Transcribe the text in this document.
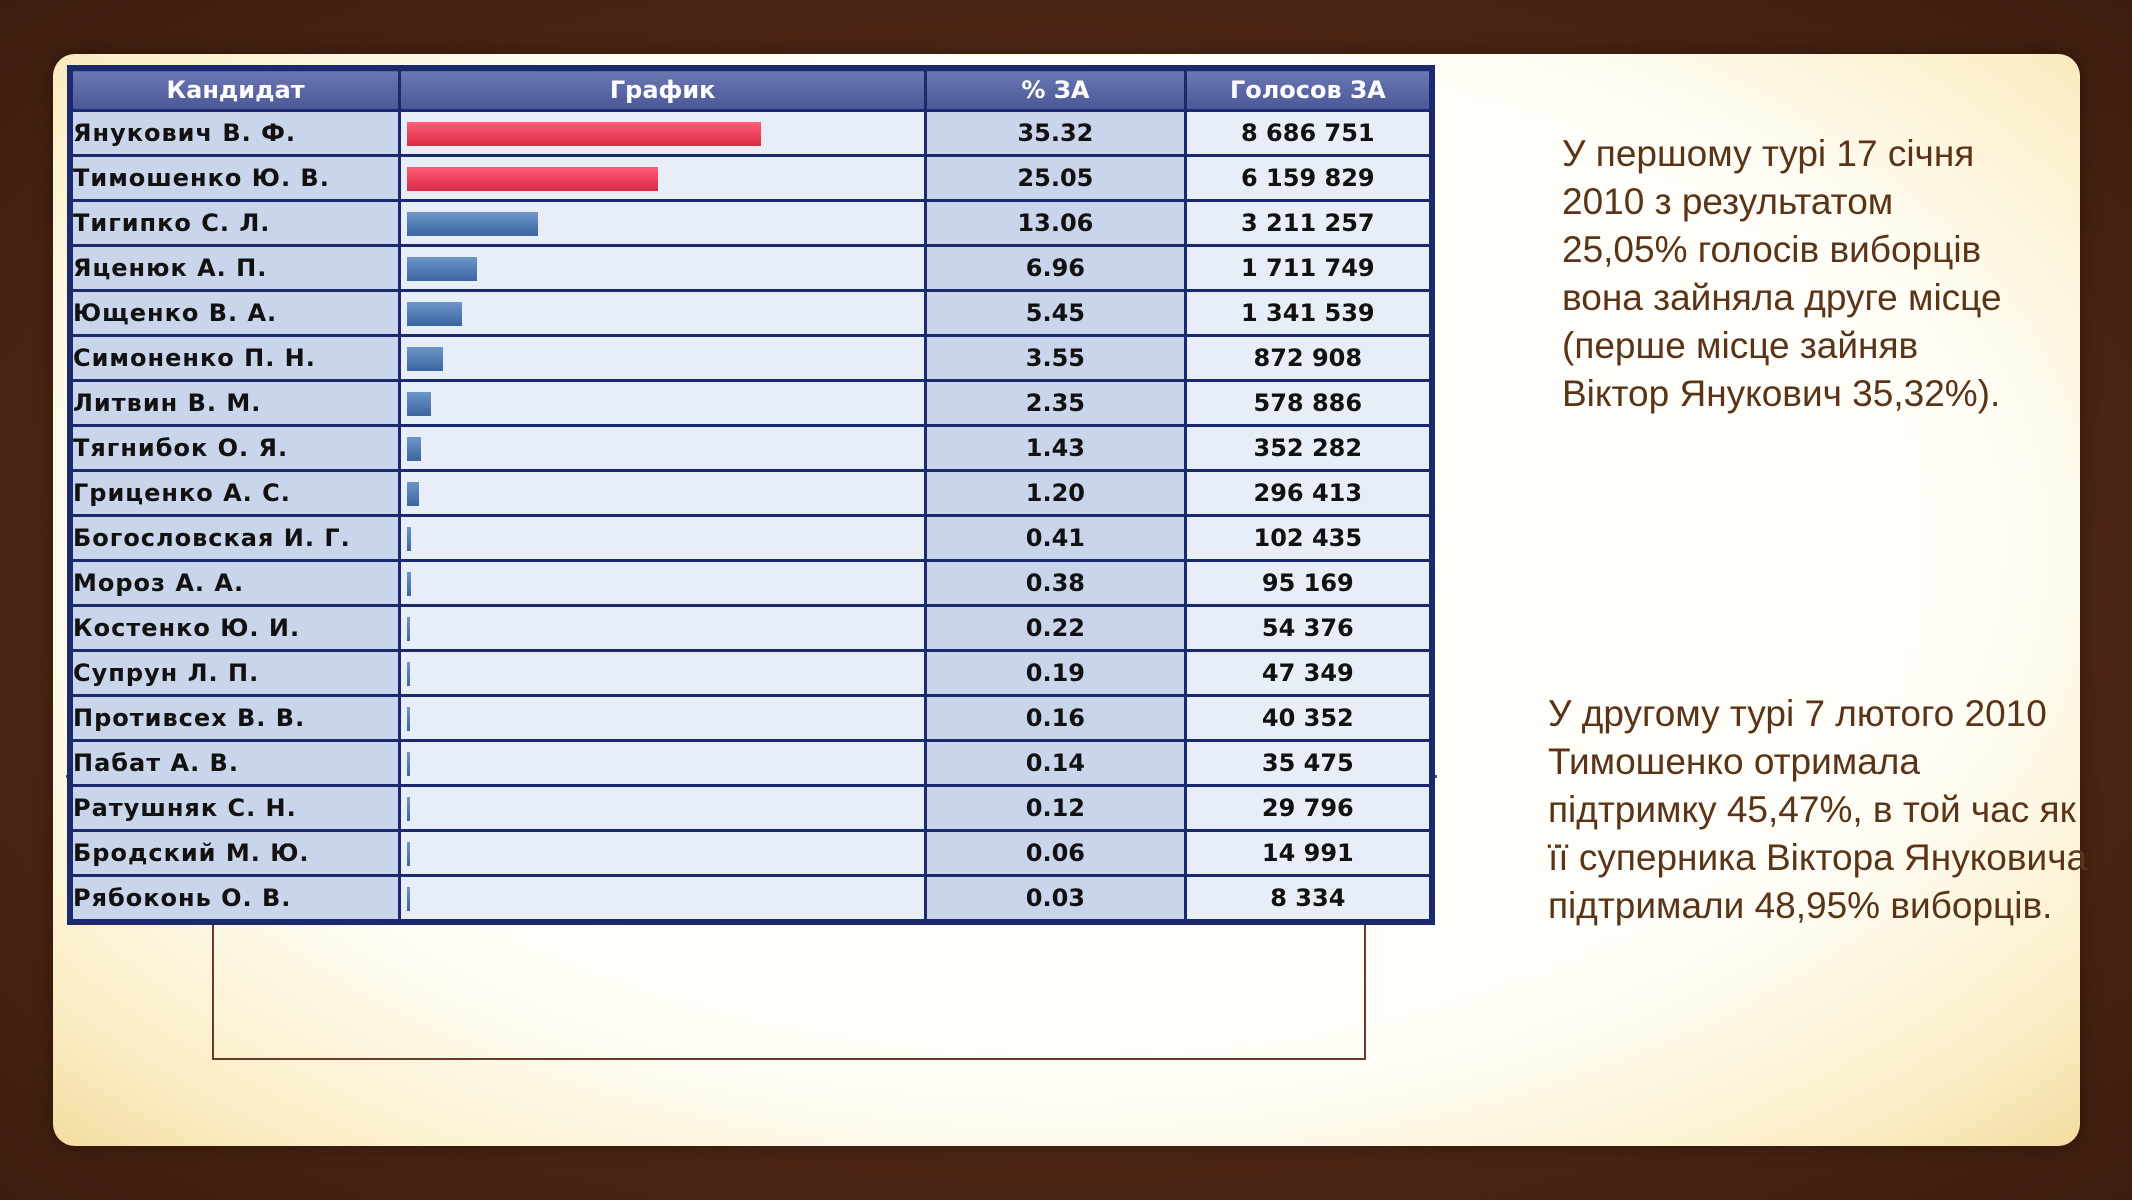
Кандидат	График	% ЗА	Голосов ЗА
Янукович В. Ф.		35.32	8 686 751
Тимошенко Ю. В.		25.05	6 159 829
Тигипко С. Л.		13.06	3 211 257
Яценюк А. П.		6.96	1 711 749
Ющенко В. А.		5.45	1 341 539
Симоненко П. Н.		3.55	872 908
Литвин В. М.		2.35	578 886
Тягнибок О. Я.		1.43	352 282
Гриценко А. С.		1.20	296 413
Богословская И. Г.		0.41	102 435
Мороз А. А.		0.38	95 169
Костенко Ю. И.		0.22	54 376
Супрун Л. П.		0.19	47 349
Противсех В. В.		0.16	40 352
Пабат А. В.		0.14	35 475
Ратушняк С. Н.		0.12	29 796
Бродский М. Ю.		0.06	14 991
Рябоконь О. В.		0.03	8 334
У першому турі 17 січня 2010 з результатом 25,05% голосів виборців вона зайняла друге місце (перше місце зайняв Віктор Янукович 35,32%).
У другому турі 7 лютого 2010 Тимошенко отримала підтримку 45,47%, в той час як її суперника Віктора Януковича підтримали 48,95% виборців.
